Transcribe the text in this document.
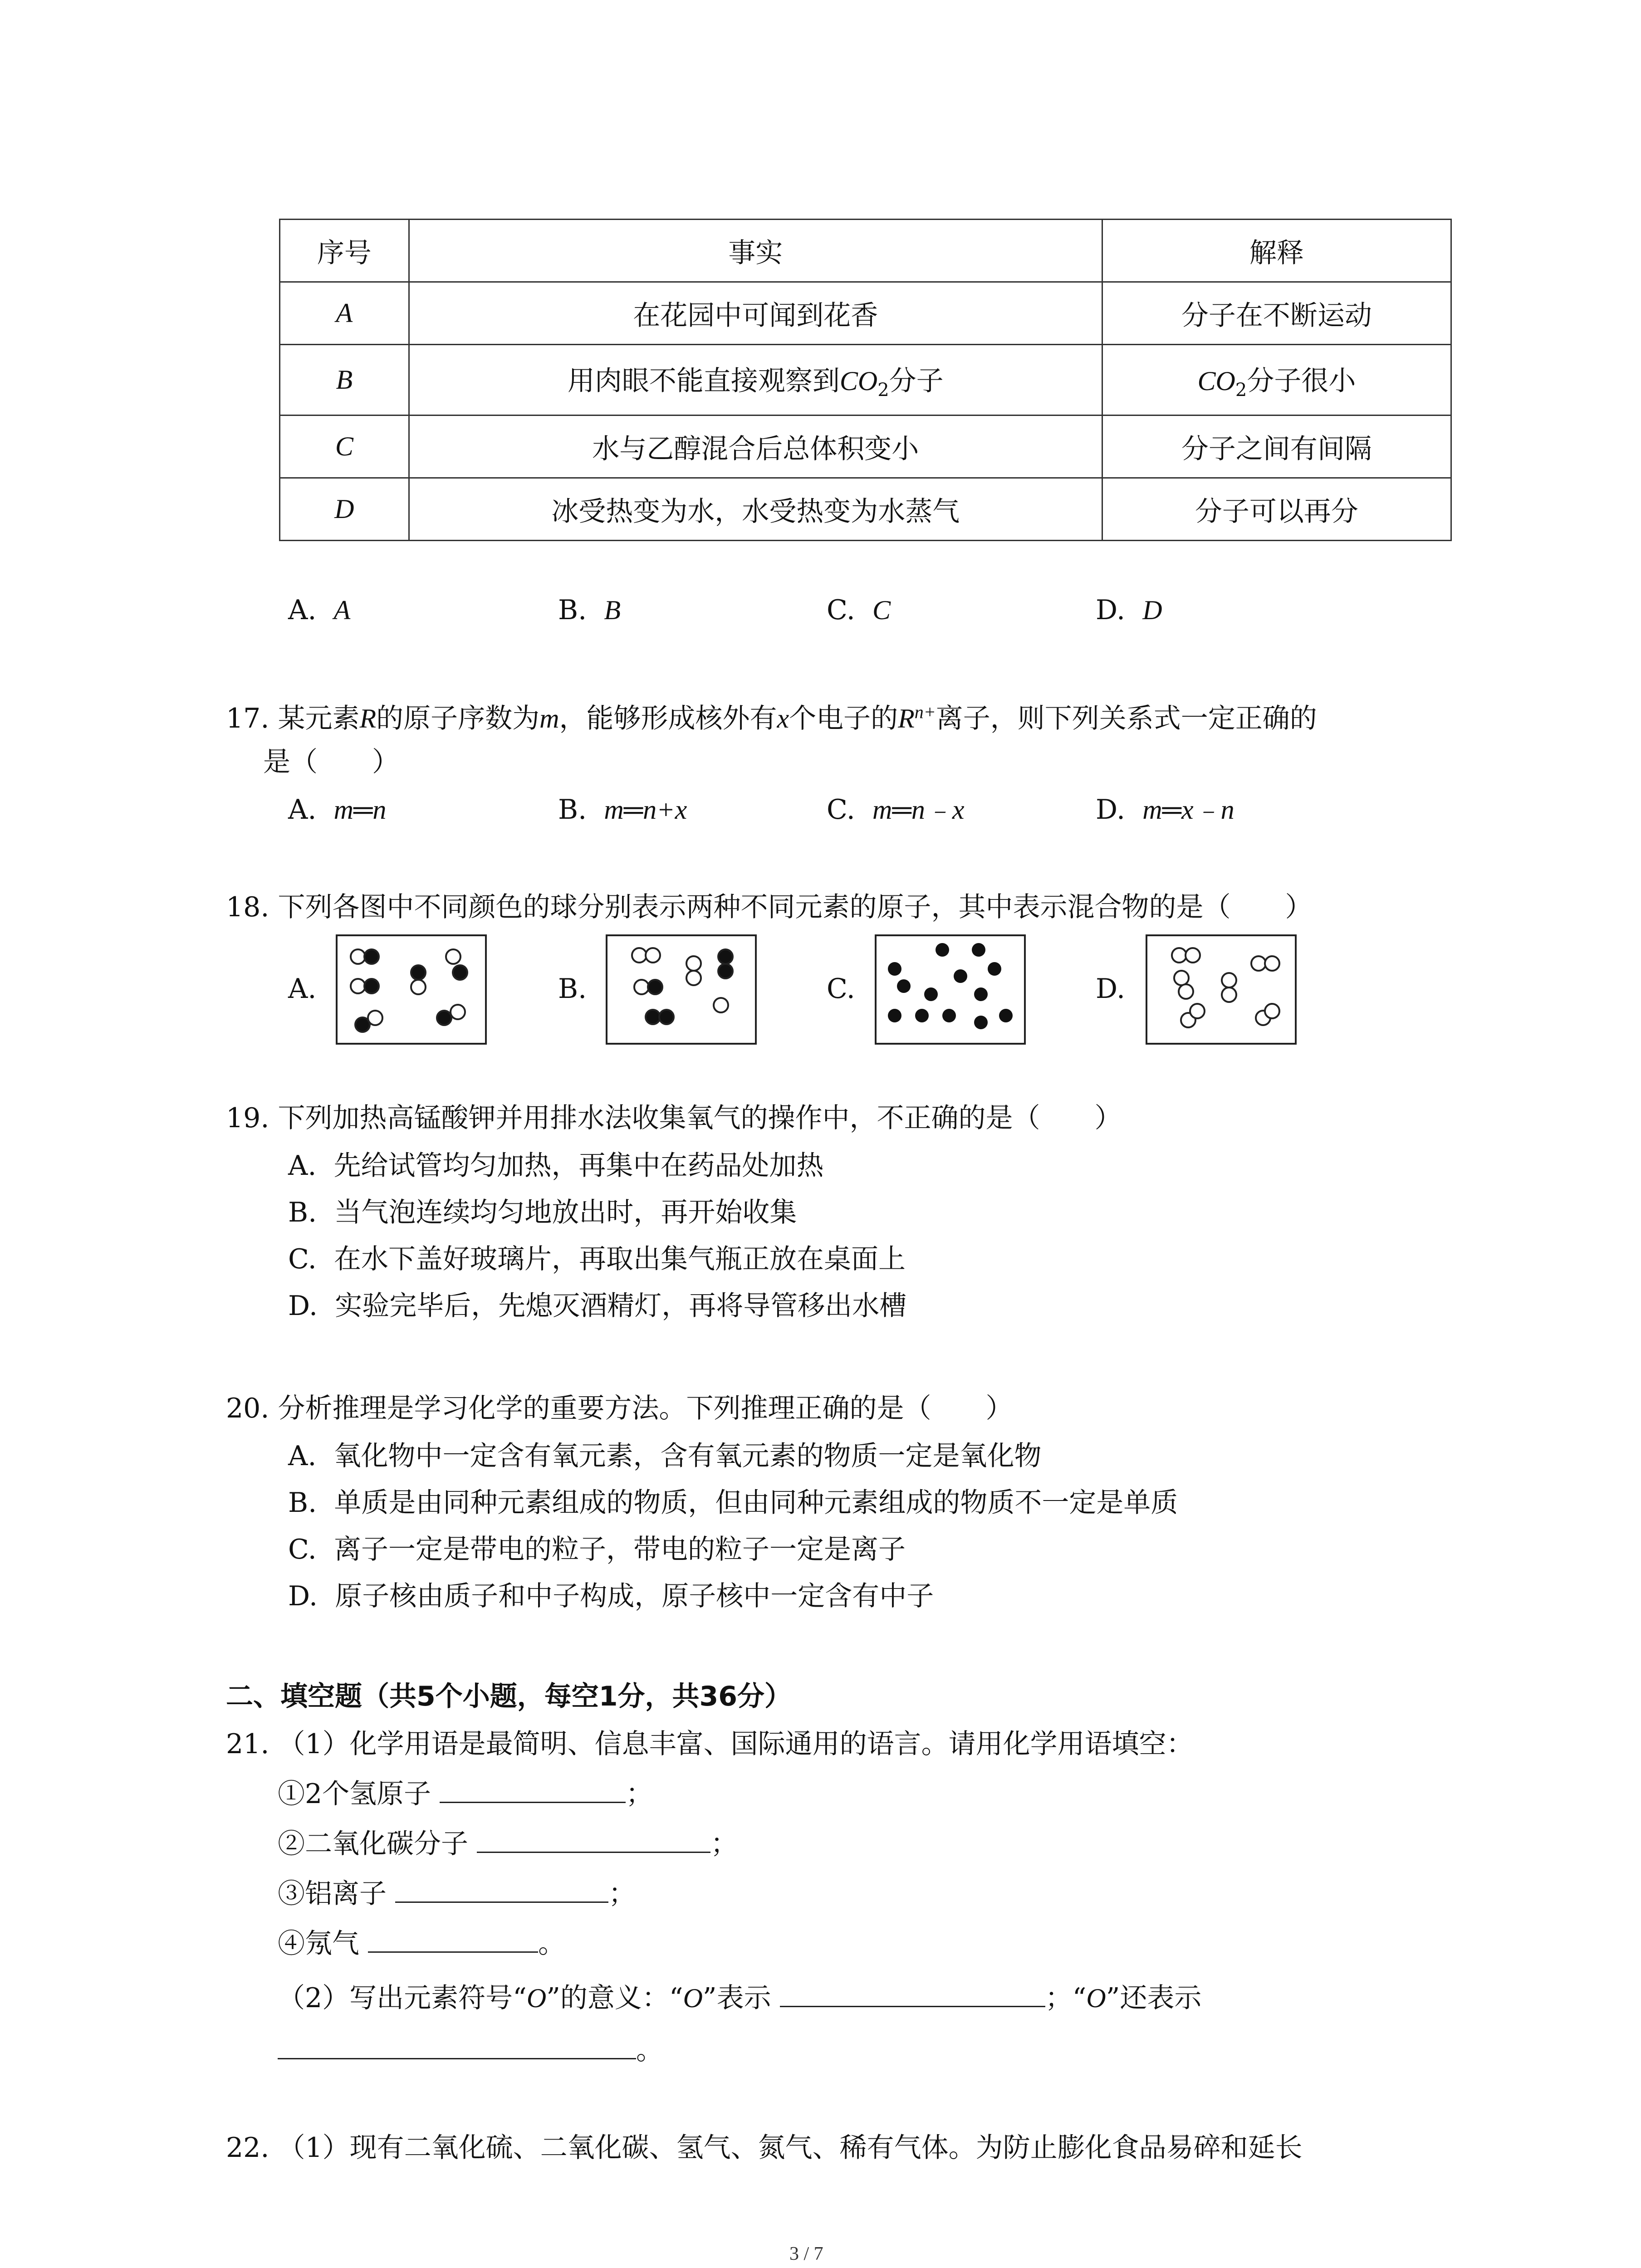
序号	事实	解释
A	在花园中可闻到花香	分子在不断运动
B	用肉眼不能直接观察到$CO_2$分子	$CO_2$分子很小
C	水与乙醇混合后总体积变小	分子之间有间隔
D	冰受热变为水，水受热变为水蒸气	分子可以再分
A. A	B. B	C. C	D. D
17. 某元素R的原子序数为m，能够形成核外有x个电子的$R^{n+}$离子，则下列关系式一定正确的
是（　　）
A. m═n	B. m═n+x	C. m═n﹣x	D. m═x﹣n
18. 下列各图中不同颜色的球分别表示两种不同元素的原子，其中表示混合物的是（　　）
A.	B.	C.	D.
19. 下列加热高锰酸钾并用排水法收集氧气的操作中，不正确的是（　　）
A. 先给试管均匀加热，再集中在药品处加热
B. 当气泡连续均匀地放出时，再开始收集
C. 在水下盖好玻璃片，再取出集气瓶正放在桌面上
D. 实验完毕后，先熄灭酒精灯，再将导管移出水槽
20. 分析推理是学习化学的重要方法。下列推理正确的是（　　）
A. 氧化物中一定含有氧元素，含有氧元素的物质一定是氧化物
B. 单质是由同种元素组成的物质，但由同种元素组成的物质不一定是单质
C. 离子一定是带电的粒子，带电的粒子一定是离子
D. 原子核由质子和中子构成，原子核中一定含有中子
二、填空题（共5个小题，每空1分，共36分）
21. （1）化学用语是最简明、信息丰富、国际通用的语言。请用化学用语填空：
①2个氢原子	；
②二氧化碳分子	；
③铝离子	；
④氖气	。
（2）写出元素符号“O”的意义：“O”表示	；“O”还表示
。
22. （1）现有二氧化硫、二氧化碳、氢气、氮气、稀有气体。为防止膨化食品易碎和延长
3 / 7
